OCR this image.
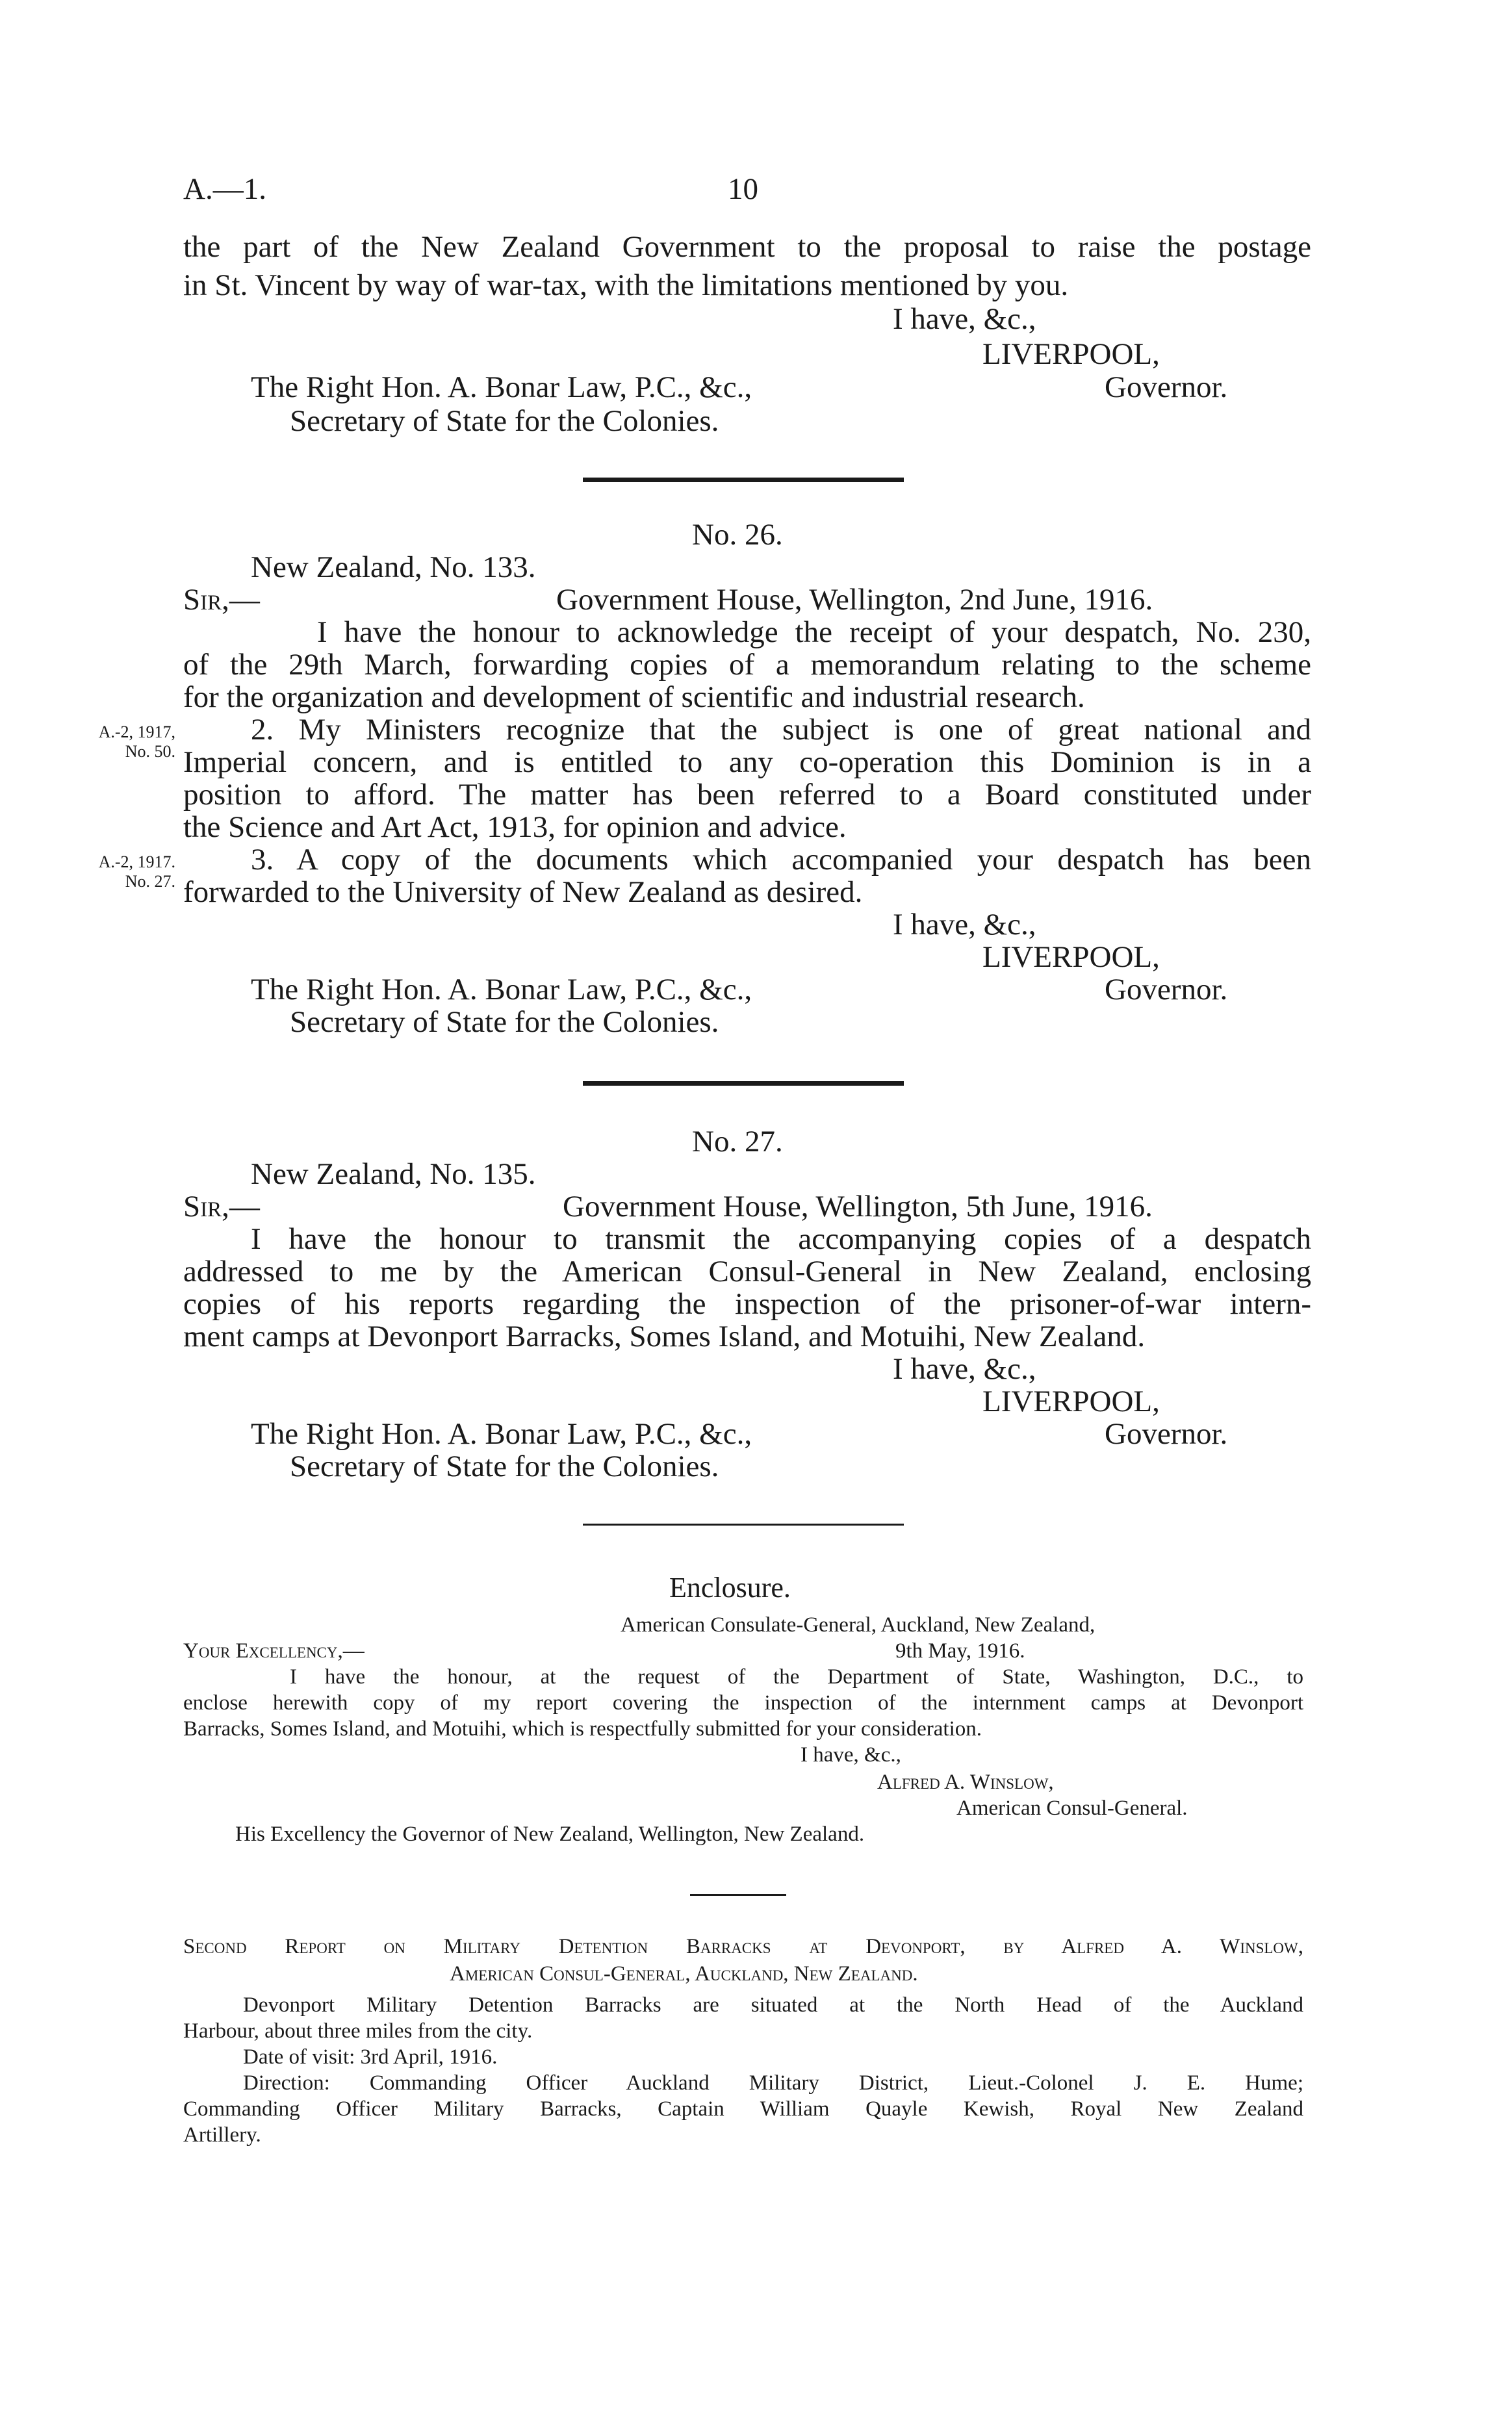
A.—1.	10
the part of the New Zealand Government to the proposal to raise the postage
in St. Vincent by way of war-tax, with the limitations mentioned by you.
I have, &c.,
LIVERPOOL,
Governor.
The Right Hon. A. Bonar Law, P.C., &c.,
Secretary of State for the Colonies.
No. 26.
New Zealand, No. 133.
Sir,—	Government House, Wellington, 2nd June, 1916.
I have the honour to acknowledge the receipt of your despatch, No. 230,
of the 29th March, forwarding copies of a memorandum relating to the scheme
for the organization and development of scientific and industrial research.
2. My Ministers recognize that the subject is one of great national and
Imperial concern, and is entitled to any co-operation this Dominion is in a
position to afford. The matter has been referred to a Board constituted under
the Science and Art Act, 1913, for opinion and advice.
3. A copy of the documents which accompanied your despatch has been
forwarded to the University of New Zealand as desired.
A.-2, 1917,
No. 50.
A.-2, 1917.
No. 27.
I have, &c.,
LIVERPOOL,
Governor.
The Right Hon. A. Bonar Law, P.C., &c.,
Secretary of State for the Colonies.
No. 27.
New Zealand, No. 135.
Sir,—	Government House, Wellington, 5th June, 1916.
I have the honour to transmit the accompanying copies of a despatch
addressed to me by the American Consul-General in New Zealand, enclosing
copies of his reports regarding the inspection of the prisoner-of-war intern-
ment camps at Devonport Barracks, Somes Island, and Motuihi, New Zealand.
I have, &c.,
LIVERPOOL,
Governor.
The Right Hon. A. Bonar Law, P.C., &c.,
Secretary of State for the Colonies.
Enclosure.
American Consulate-General, Auckland, New Zealand,
Your Excellency,—	9th May, 1916.
I have the honour, at the request of the Department of State, Washington, D.C., to
enclose herewith copy of my report covering the inspection of the internment camps at Devonport
Barracks, Somes Island, and Motuihi, which is respectfully submitted for your consideration.
I have, &c.,
Alfred A. Winslow,
American Consul-General.
His Excellency the Governor of New Zealand, Wellington, New Zealand.
Second Report on Military Detention Barracks at Devonport, by Alfred A. Winslow,
American Consul-General, Auckland, New Zealand.
Devonport Military Detention Barracks are situated at the North Head of the Auckland
Harbour, about three miles from the city.
Date of visit: 3rd April, 1916.
Direction: Commanding Officer Auckland Military District, Lieut.-Colonel J. E. Hume;
Commanding Officer Military Barracks, Captain William Quayle Kewish, Royal New Zealand
Artillery.
